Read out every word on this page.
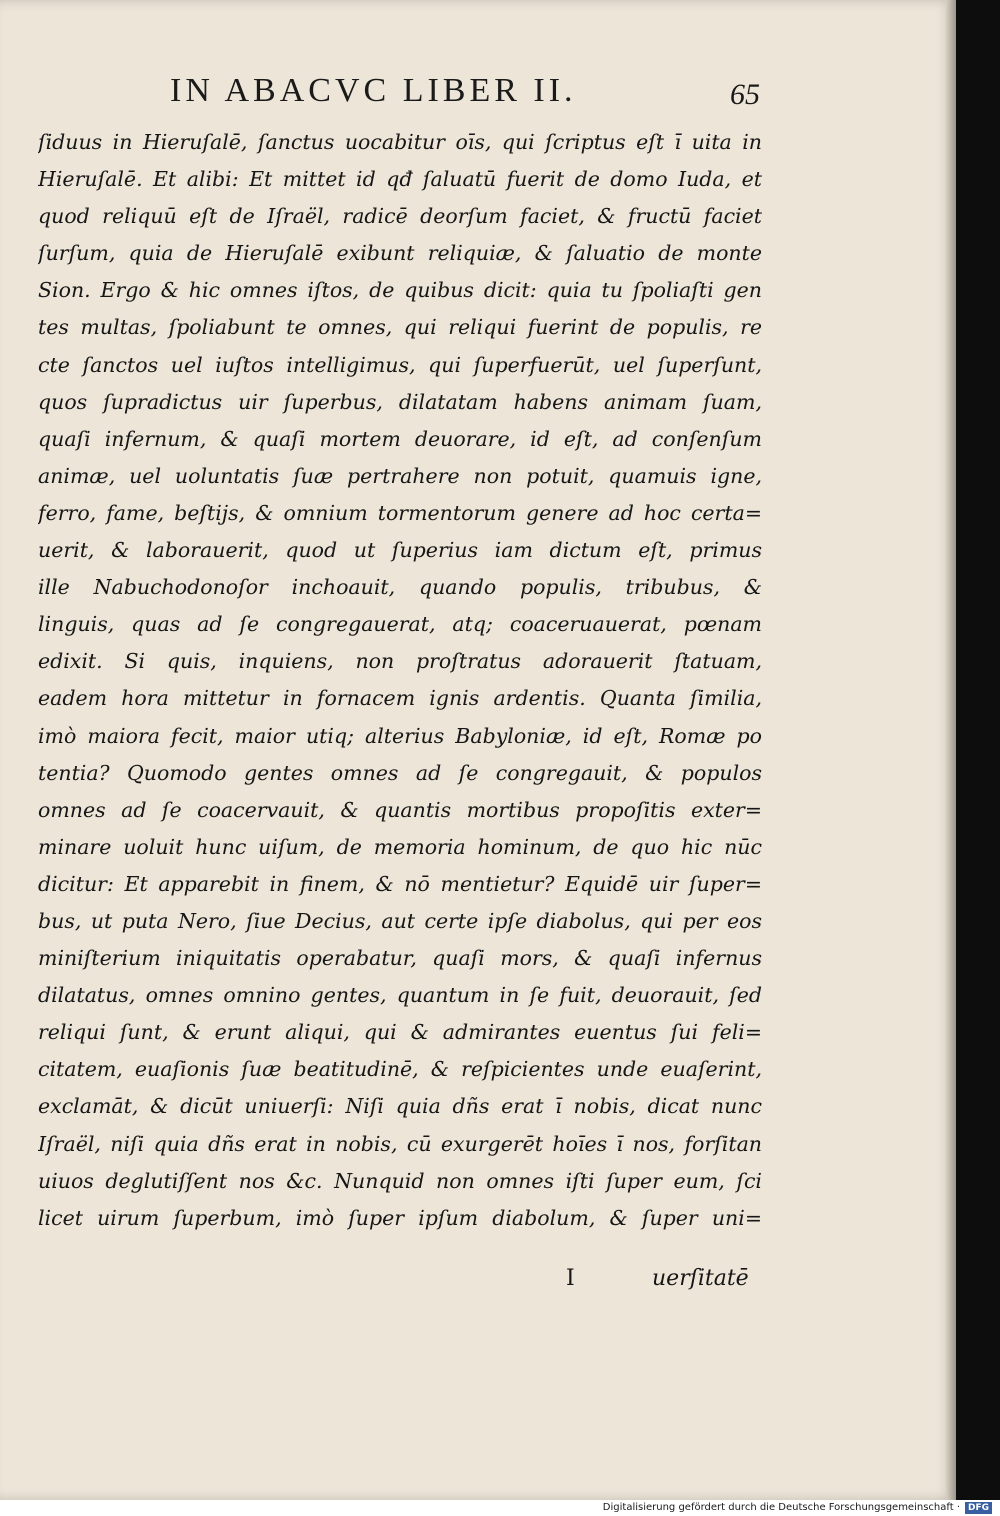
IN ABACVC LIBER II.	65
ſiduus in Hieruſalē, ſanctus uocabitur oīs, qui ſcriptus eſt ī uita in
Hieruſalē. Et alibi: Et mittet id qđ ſaluatū fuerit de domo Iuda, et
quod reliquū eſt de Iſraël, radicē deorſum faciet, & fructū faciet
ſurſum, quia de Hieruſalē exibunt reliquiæ, & ſaluatio de monte
Sion. Ergo & hic omnes iſtos, de quibus dicit: quia tu ſpoliaſti gen
tes multas, ſpoliabunt te omnes, qui reliqui fuerint de populis, re
cte ſanctos uel iuſtos intelligimus, qui ſuperfuerūt, uel ſuperſunt,
quos ſupradictus uir ſuperbus, dilatatam habens animam ſuam,
quaſi infernum, & quaſi mortem deuorare, id eſt, ad conſenſum
animæ, uel uoluntatis ſuæ pertrahere non potuit, quamuis igne,
ferro, fame, beſtijs, & omnium tormentorum genere ad hoc certa=
uerit, & laborauerit, quod ut ſuperius iam dictum eſt, primus
ille Nabuchodonoſor inchoauit, quando populis, tribubus, &
linguis, quas ad ſe congregauerat, atq; coaceruauerat, pœnam
edixit. Si quis, inquiens, non proſtratus adorauerit ſtatuam,
eadem hora mittetur in fornacem ignis ardentis. Quanta ſimilia,
imò maiora fecit, maior utiq; alterius Babyloniæ, id eſt, Romæ po
tentia? Quomodo gentes omnes ad ſe congregauit, & populos
omnes ad ſe coacervauit, & quantis mortibus propoſitis exter=
minare uoluit hunc uiſum, de memoria hominum, de quo hic nūc
dicitur: Et apparebit in finem, & nō mentietur? Equidē uir ſuper=
bus, ut puta Nero, ſiue Decius, aut certe ipſe diabolus, qui per eos
miniſterium iniquitatis operabatur, quaſi mors, & quaſi infernus
dilatatus, omnes omnino gentes, quantum in ſe fuit, deuorauit, ſed
reliqui ſunt, & erunt aliqui, qui & admirantes euentus ſui feli=
citatem, euaſionis ſuæ beatitudinē, & reſpicientes unde euaſerint,
exclamāt, & dicūt uniuerſi: Niſi quia dñs erat ī nobis, dicat nunc
Iſraël, niſi quia dñs erat in nobis, cū exurgerēt hoīes ī nos, forſitan
uiuos deglutiſſent nos &c. Nunquid non omnes iſti ſuper eum, ſci
licet uirum ſuperbum, imò ſuper ipſum diabolum, & ſuper uni=
I	uerſitatē
Digitalisierung gefördert durch die Deutsche Forschungsgemeinschaft · DFG
